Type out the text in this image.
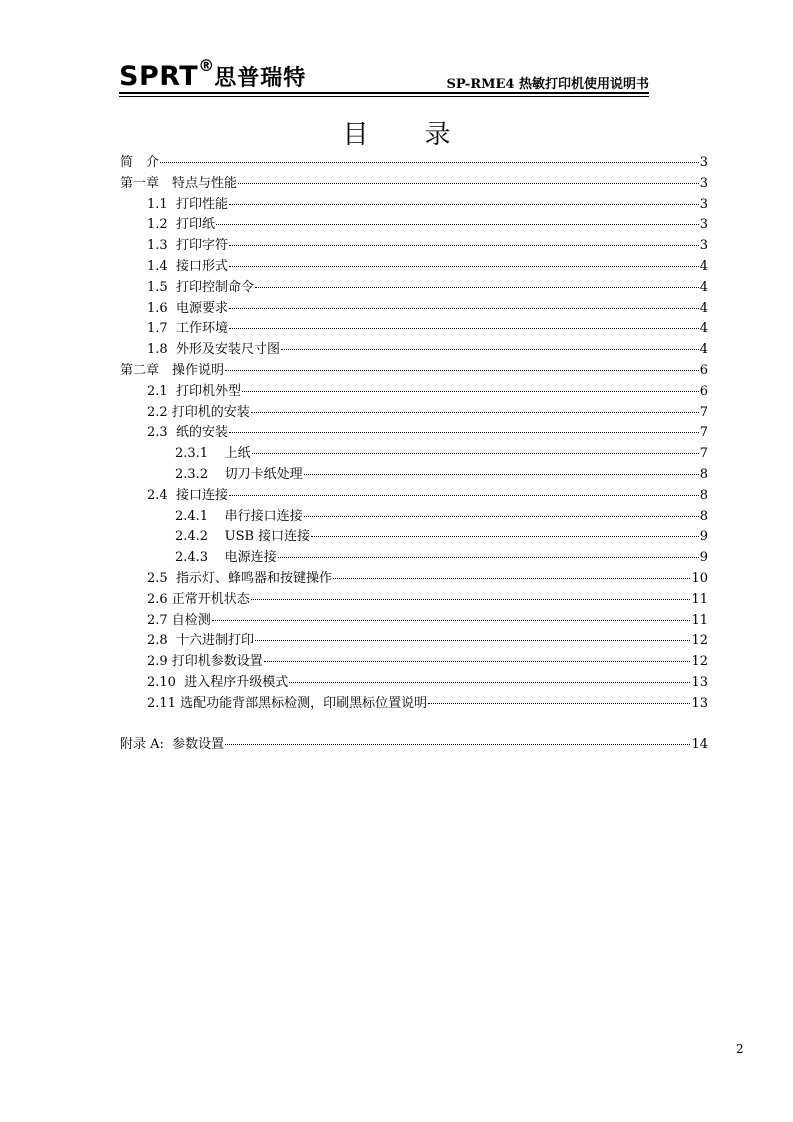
SPRT®思普瑞特	SP-RME4 热敏打印机使用说明书
目录
简　介	3
第一章　特点与性能	3
1.1  打印性能	3
1.2  打印纸	3
1.3  打印字符	3
1.4  接口形式	4
1.5  打印控制命令	4
1.6  电源要求	4
1.7  工作环境	4
1.8  外形及安装尺寸图	4
第二章　操作说明	6
2.1  打印机外型	6
2.2 打印机的安装	7
2.3  纸的安装	7
2.3.1    上纸	7
2.3.2    切刀卡纸处理	8
2.4  接口连接	8
2.4.1    串行接口连接	8
2.4.2    USB 接口连接	9
2.4.3    电源连接	9
2.5  指示灯、蜂鸣器和按键操作	10
2.6 正常开机状态	11
2.7 自检测	11
2.8  十六进制打印	12
2.9 打印机参数设置	12
2.10  进入程序升级模式	13
2.11 选配功能背部黑标检测，印刷黑标位置说明	13
附录 A:  参数设置	14
2
